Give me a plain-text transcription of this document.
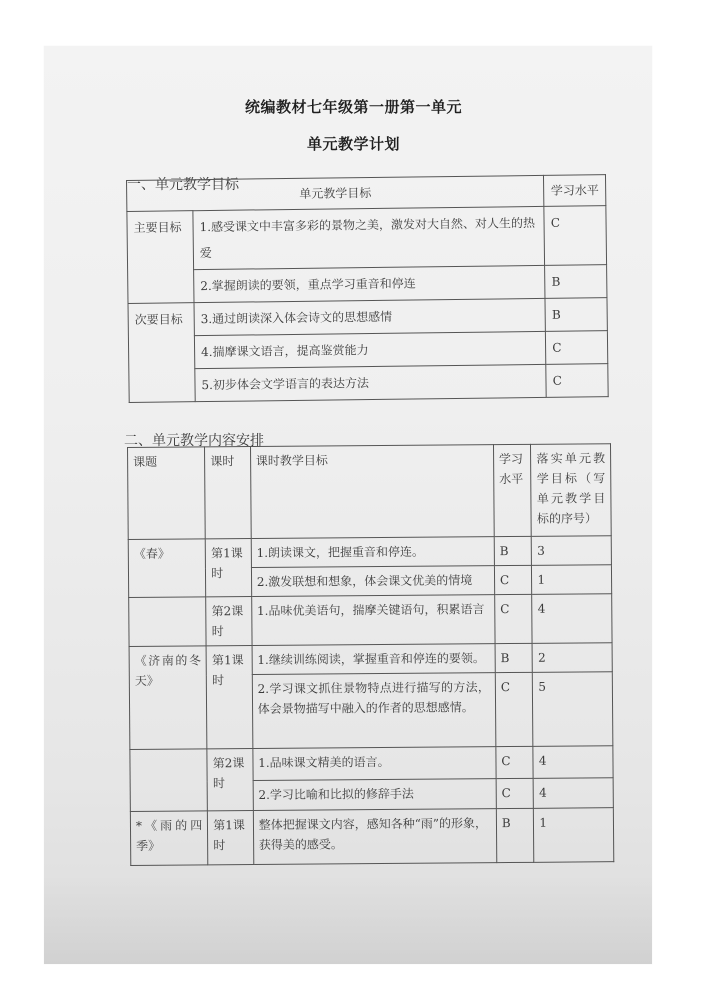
统编教材七年级第一册第一单元
单元教学计划
一、单元教学目标
单元教学目标		学习水平
主要目标	1.感受课文中丰富多彩的景物之美，激发对大自然、对人生的热爱	C
	2.掌握朗读的要领，重点学习重音和停连	B
次要目标	3.通过朗读深入体会诗文的思想感情	B
	4.揣摩课文语言，提高鉴赏能力	C
	5.初步体会文学语言的表达方法	C
二、单元教学内容安排
课题	课时	课时教学目标	学习水平	落实单元教学目标（写单元教学目标的序号）
《春》	第1课时	1.朗读课文，把握重音和停连。	B	3
		2.激发联想和想象，体会课文优美的情境	C	1
	第2课时	1.品味优美语句，揣摩关键语句，积累语言	C	4
《济南的冬天》	第1课时	1.继续训练阅读，掌握重音和停连的要领。	B	2
		2.学习课文抓住景物特点进行描写的方法，体会景物描写中融入的作者的思想感情。	C	5
	第2课时	1.品味课文精美的语言。	C	4
		2.学习比喻和比拟的修辞手法	C	4
*《雨的四季》	第1课时	整体把握课文内容，感知各种“雨”的形象，获得美的感受。	B	1
